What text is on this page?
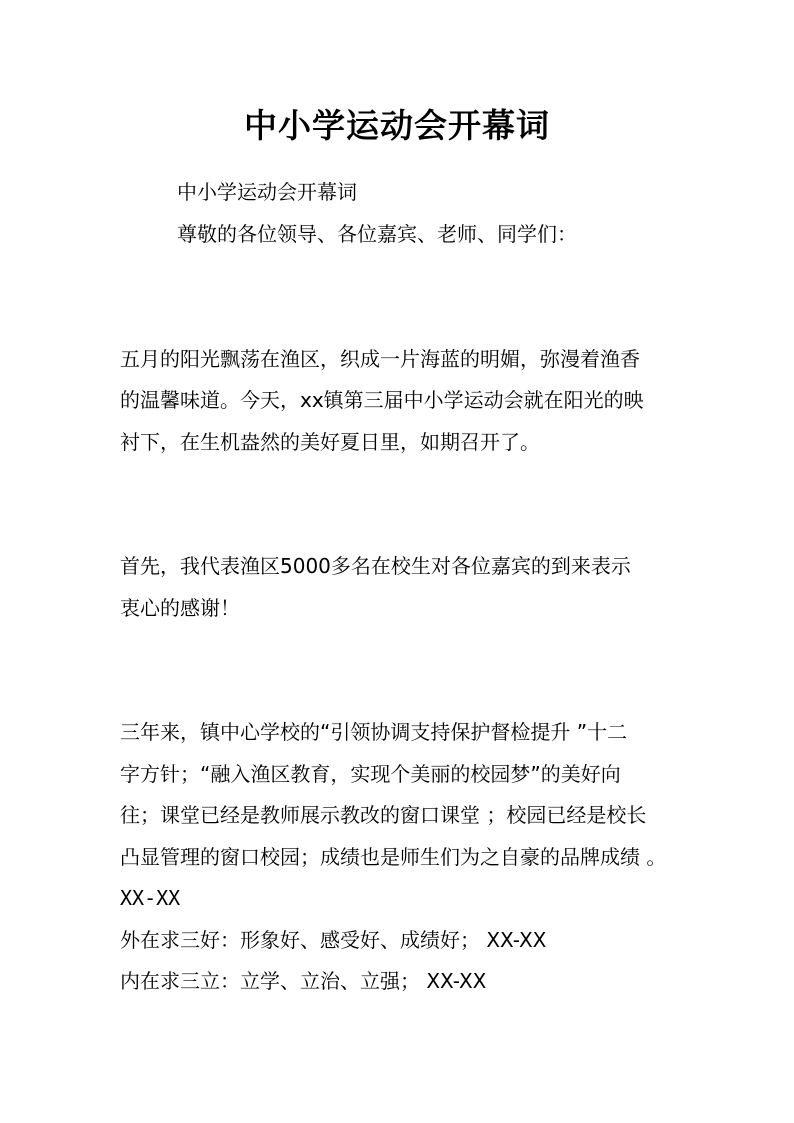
中小学运动会开幕词
中小学运动会开幕词
尊敬的各位领导、各位嘉宾、老师、同学们：
五月的阳光飘荡在渔区，织成一片海蓝的明媚，弥漫着渔香
的温馨味道。今天，xx镇第三届中小学运动会就在阳光的映
衬下，在生机盎然的美好夏日里，如期召开了。
首先，我代表渔区5000多名在校生对各位嘉宾的到来表示
衷心的感谢！
三年来，镇中心学校的“引领协调支持保护督检提升 ”十二
字方针；“融入渔区教育，实现个美丽的校园梦”的美好向
往；课堂已经是教师展示教改的窗口课堂 ；校园已经是校长
凸显管理的窗口校园；成绩也是师生们为之自豪的品牌成绩 。
XX-XX
外在求三好：形象好、感受好、成绩好； XX-XX
内在求三立：立学、立治、立强； XX-XX
